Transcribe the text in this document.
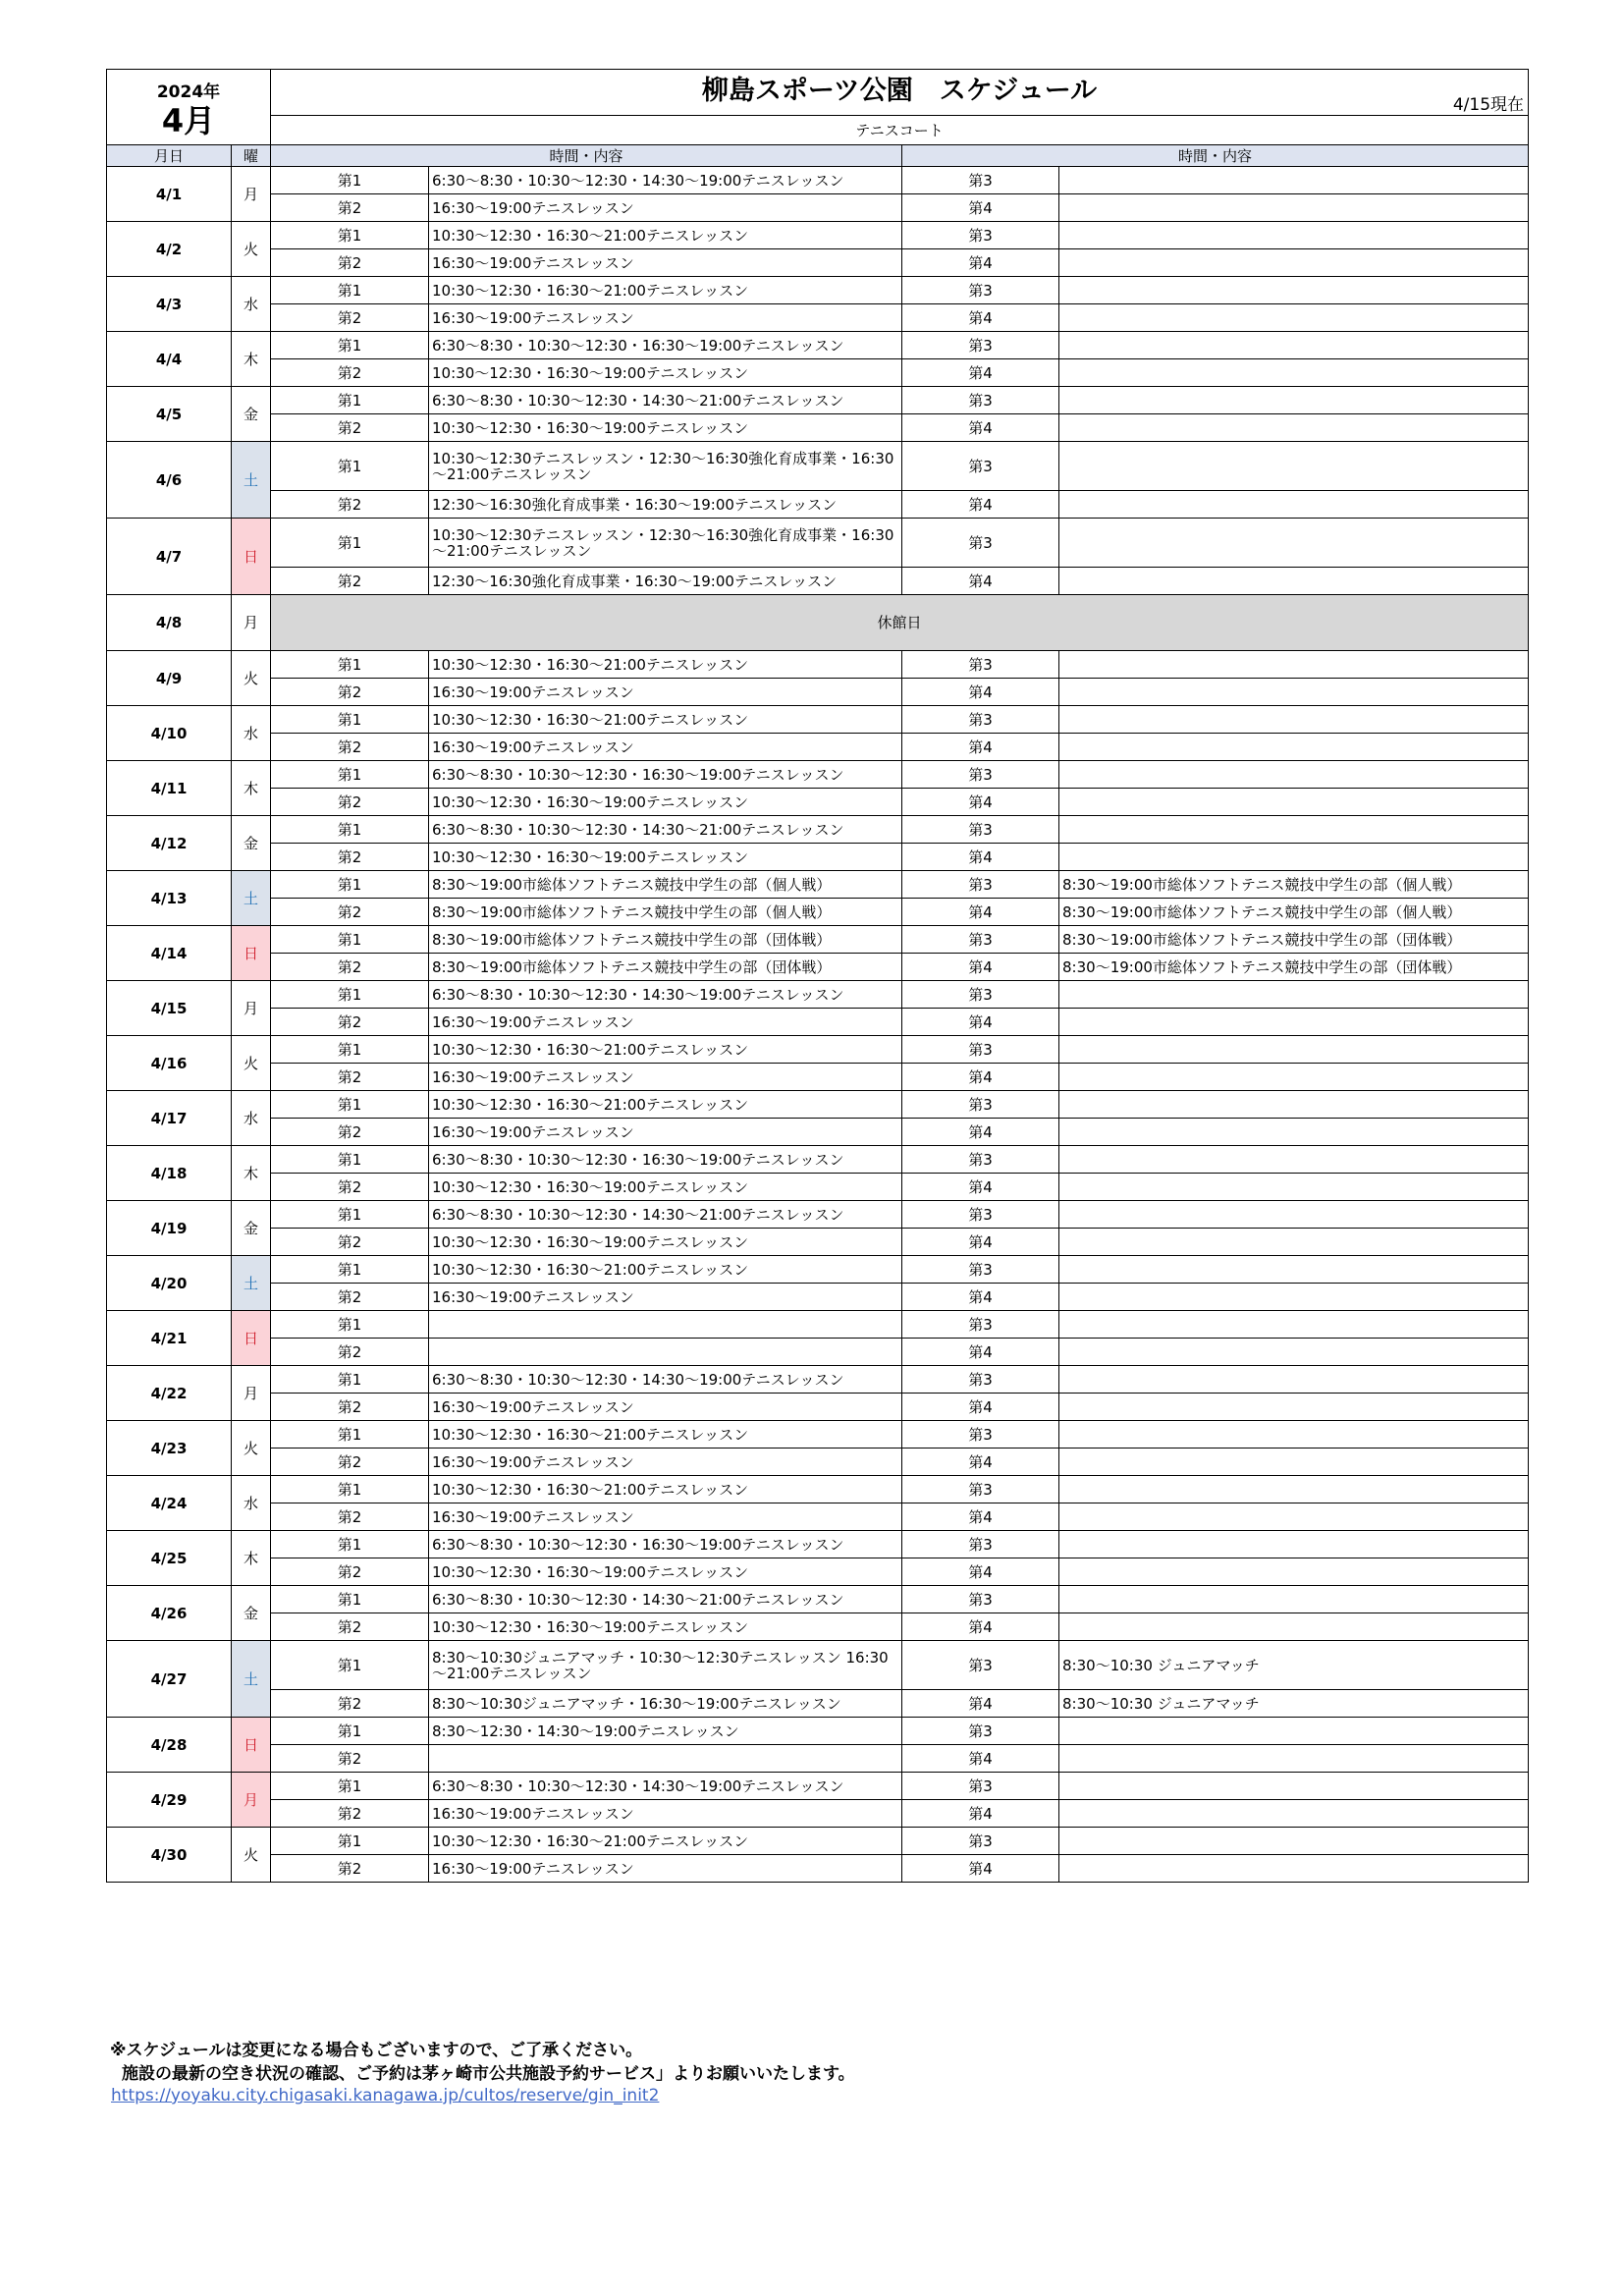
2024年
4月		柳島スポーツ公園　スケジュール 4/15現在			

		テニスコート			
月日	曜	時間・内容		時間・内容	
4/1	月	第1	6:30～8:30・10:30～12:30・14:30～19:00テニスレッスン	第3	
		第2	16:30～19:00テニスレッスン	第4	
4/2	火	第1	10:30～12:30・16:30～21:00テニスレッスン	第3	
		第2	16:30～19:00テニスレッスン	第4	
4/3	水	第1	10:30～12:30・16:30～21:00テニスレッスン	第3	
		第2	16:30～19:00テニスレッスン	第4	
4/4	木	第1	6:30～8:30・10:30～12:30・16:30～19:00テニスレッスン	第3	
		第2	10:30～12:30・16:30～19:00テニスレッスン	第4	
4/5	金	第1	6:30～8:30・10:30～12:30・14:30～21:00テニスレッスン	第3	
		第2	10:30～12:30・16:30～19:00テニスレッスン	第4	
4/6	土	第1	10:30～12:30テニスレッスン・12:30～16:30強化育成事業・16:30～21:00テニスレッスン	第3	
		第2	12:30～16:30強化育成事業・16:30～19:00テニスレッスン	第4	
4/7	日	第1	10:30～12:30テニスレッスン・12:30～16:30強化育成事業・16:30～21:00テニスレッスン	第3	
		第2	12:30～16:30強化育成事業・16:30～19:00テニスレッスン	第4	
4/8	月	休館日			
4/9	火	第1	10:30～12:30・16:30～21:00テニスレッスン	第3	
		第2	16:30～19:00テニスレッスン	第4	
4/10	水	第1	10:30～12:30・16:30～21:00テニスレッスン	第3	
		第2	16:30～19:00テニスレッスン	第4	
4/11	木	第1	6:30～8:30・10:30～12:30・16:30～19:00テニスレッスン	第3	
		第2	10:30～12:30・16:30～19:00テニスレッスン	第4	
4/12	金	第1	6:30～8:30・10:30～12:30・14:30～21:00テニスレッスン	第3	
		第2	10:30～12:30・16:30～19:00テニスレッスン	第4	
4/13	土	第1	8:30～19:00市総体ソフトテニス競技中学生の部（個人戦）	第3	8:30～19:00市総体ソフトテニス競技中学生の部（個人戦）
		第2	8:30～19:00市総体ソフトテニス競技中学生の部（個人戦）	第4	8:30～19:00市総体ソフトテニス競技中学生の部（個人戦）
4/14	日	第1	8:30～19:00市総体ソフトテニス競技中学生の部（団体戦）	第3	8:30～19:00市総体ソフトテニス競技中学生の部（団体戦）
		第2	8:30～19:00市総体ソフトテニス競技中学生の部（団体戦）	第4	8:30～19:00市総体ソフトテニス競技中学生の部（団体戦）
4/15	月	第1	6:30～8:30・10:30～12:30・14:30～19:00テニスレッスン	第3	
		第2	16:30～19:00テニスレッスン	第4	
4/16	火	第1	10:30～12:30・16:30～21:00テニスレッスン	第3	
		第2	16:30～19:00テニスレッスン	第4	
4/17	水	第1	10:30～12:30・16:30～21:00テニスレッスン	第3	
		第2	16:30～19:00テニスレッスン	第4	
4/18	木	第1	6:30～8:30・10:30～12:30・16:30～19:00テニスレッスン	第3	
		第2	10:30～12:30・16:30～19:00テニスレッスン	第4	
4/19	金	第1	6:30～8:30・10:30～12:30・14:30～21:00テニスレッスン	第3	
		第2	10:30～12:30・16:30～19:00テニスレッスン	第4	
4/20	土	第1	10:30～12:30・16:30～21:00テニスレッスン	第3	
		第2	16:30～19:00テニスレッスン	第4	
4/21	日	第1		第3	
		第2		第4	
4/22	月	第1	6:30～8:30・10:30～12:30・14:30～19:00テニスレッスン	第3	
		第2	16:30～19:00テニスレッスン	第4	
4/23	火	第1	10:30～12:30・16:30～21:00テニスレッスン	第3	
		第2	16:30～19:00テニスレッスン	第4	
4/24	水	第1	10:30～12:30・16:30～21:00テニスレッスン	第3	
		第2	16:30～19:00テニスレッスン	第4	
4/25	木	第1	6:30～8:30・10:30～12:30・16:30～19:00テニスレッスン	第3	
		第2	10:30～12:30・16:30～19:00テニスレッスン	第4	
4/26	金	第1	6:30～8:30・10:30～12:30・14:30～21:00テニスレッスン	第3	
		第2	10:30～12:30・16:30～19:00テニスレッスン	第4	
4/27	土	第1	8:30～10:30ジュニアマッチ・10:30～12:30テニスレッスン 16:30～21:00テニスレッスン	第3	8:30～10:30 ジュニアマッチ
		第2	8:30～10:30ジュニアマッチ・16:30～19:00テニスレッスン	第4	8:30～10:30 ジュニアマッチ
4/28	日	第1	8:30～12:30・14:30～19:00テニスレッスン	第3	
		第2		第4	
4/29	月	第1	6:30～8:30・10:30～12:30・14:30～19:00テニスレッスン	第3	
		第2	16:30～19:00テニスレッスン	第4	
4/30	火	第1	10:30～12:30・16:30～21:00テニスレッスン	第3	
		第2	16:30～19:00テニスレッスン	第4	
※スケジュールは変更になる場合もございますので、ご了承ください。
施設の最新の空き状況の確認、ご予約は茅ヶ崎市公共施設予約サービス」よりお願いいたします。
https://yoyaku.city.chigasaki.kanagawa.jp/cultos/reserve/gin_init2
